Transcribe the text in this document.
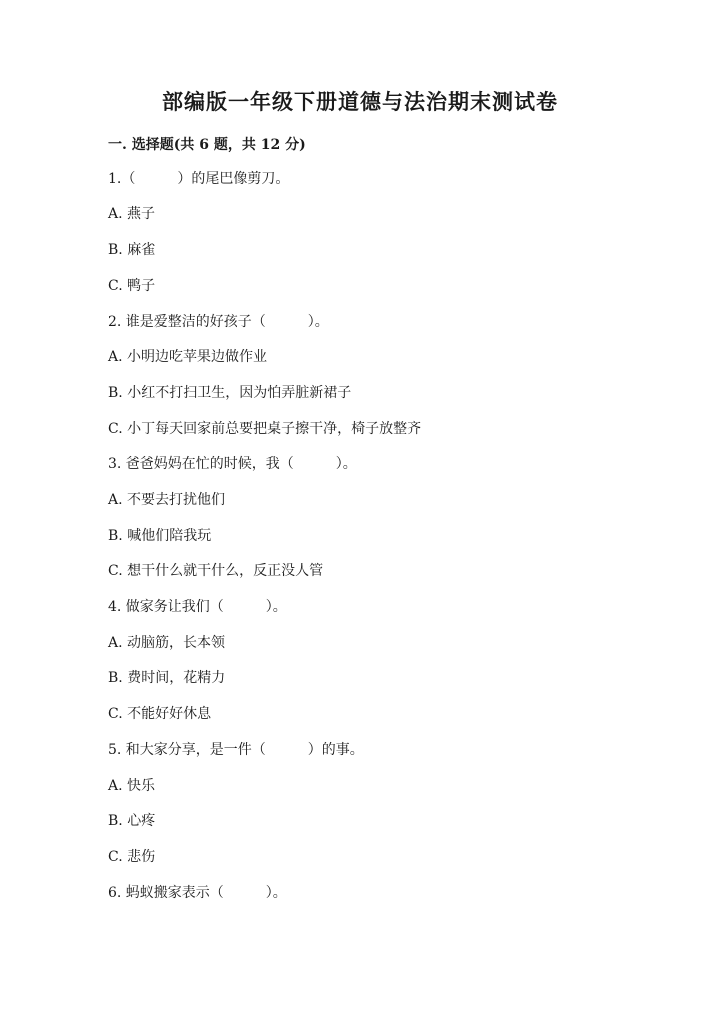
部编版一年级下册道德与法治期末测试卷
一. 选择题(共 6 题，共 12 分)
1.（　　　）的尾巴像剪刀。
A. 燕子
B. 麻雀
C. 鸭子
2. 谁是爱整洁的好孩子（　　　）。
A. 小明边吃苹果边做作业
B. 小红不打扫卫生，因为怕弄脏新裙子
C. 小丁每天回家前总要把桌子擦干净，椅子放整齐
3. 爸爸妈妈在忙的时候，我（　　　）。
A. 不要去打扰他们
B. 喊他们陪我玩
C. 想干什么就干什么，反正没人管
4. 做家务让我们（　　　）。
A. 动脑筋，长本领
B. 费时间，花精力
C. 不能好好休息
5. 和大家分享，是一件（　　　）的事。
A. 快乐
B. 心疼
C. 悲伤
6. 蚂蚁搬家表示（　　　）。
